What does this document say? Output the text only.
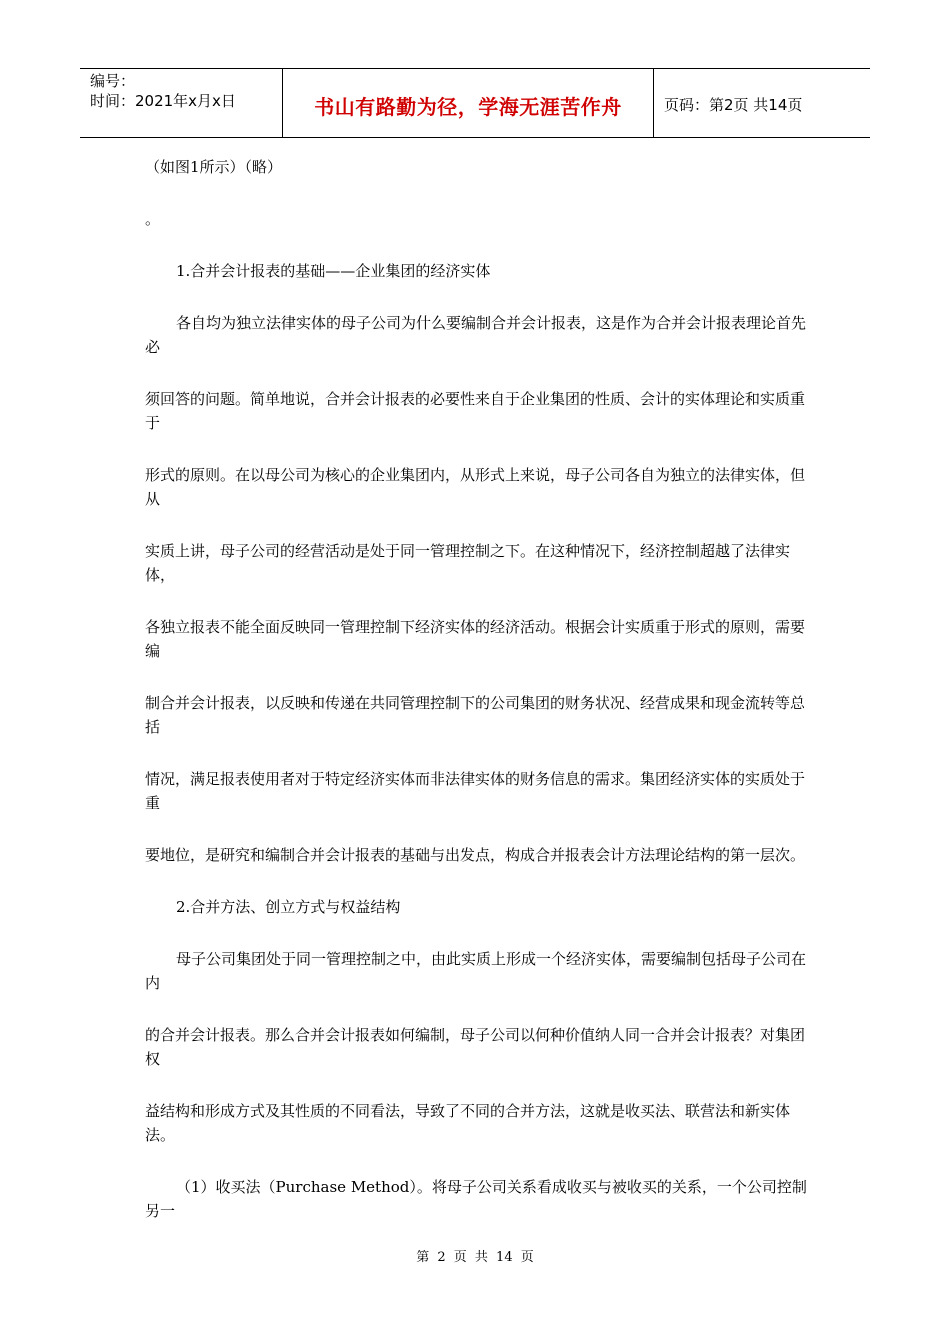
编号：
时间：2021年x月x日	书山有路勤为径，学海无涯苦作舟	页码：第2页 共14页

（如图1所示）（略）

。

1.合并会计报表的基础——企业集团的经济实体

各自均为独立法律实体的母子公司为什么要编制合并会计报表，这是作为合并会计报表理论首先必

须回答的问题。简单地说，合并会计报表的必要性来自于企业集团的性质、会计的实体理论和实质重于

形式的原则。在以母公司为核心的企业集团内，从形式上来说，母子公司各自为独立的法律实体，但从

实质上讲，母子公司的经营活动是处于同一管理控制之下。在这种情况下，经济控制超越了法律实体，

各独立报表不能全面反映同一管理控制下经济实体的经济活动。根据会计实质重于形式的原则，需要编

制合并会计报表，以反映和传递在共同管理控制下的公司集团的财务状况、经营成果和现金流转等总括

情况，满足报表使用者对于特定经济实体而非法律实体的财务信息的需求。集团经济实体的实质处于重

要地位，是研究和编制合并会计报表的基础与出发点，构成合并报表会计方法理论结构的第一层次。

2.合并方法、创立方式与权益结构

母子公司集团处于同一管理控制之中，由此实质上形成一个经济实体，需要编制包括母子公司在内

的合并会计报表。那么合并会计报表如何编制，母子公司以何种价值纳人同一合并会计报表？对集团权

益结构和形成方式及其性质的不同看法，导致了不同的合并方法，这就是收买法、联营法和新实体法。

（1）收买法（Purchase Method）。将母子公司关系看成收买与被收买的关系，一个公司控制另一

第 2 页 共 14 页
